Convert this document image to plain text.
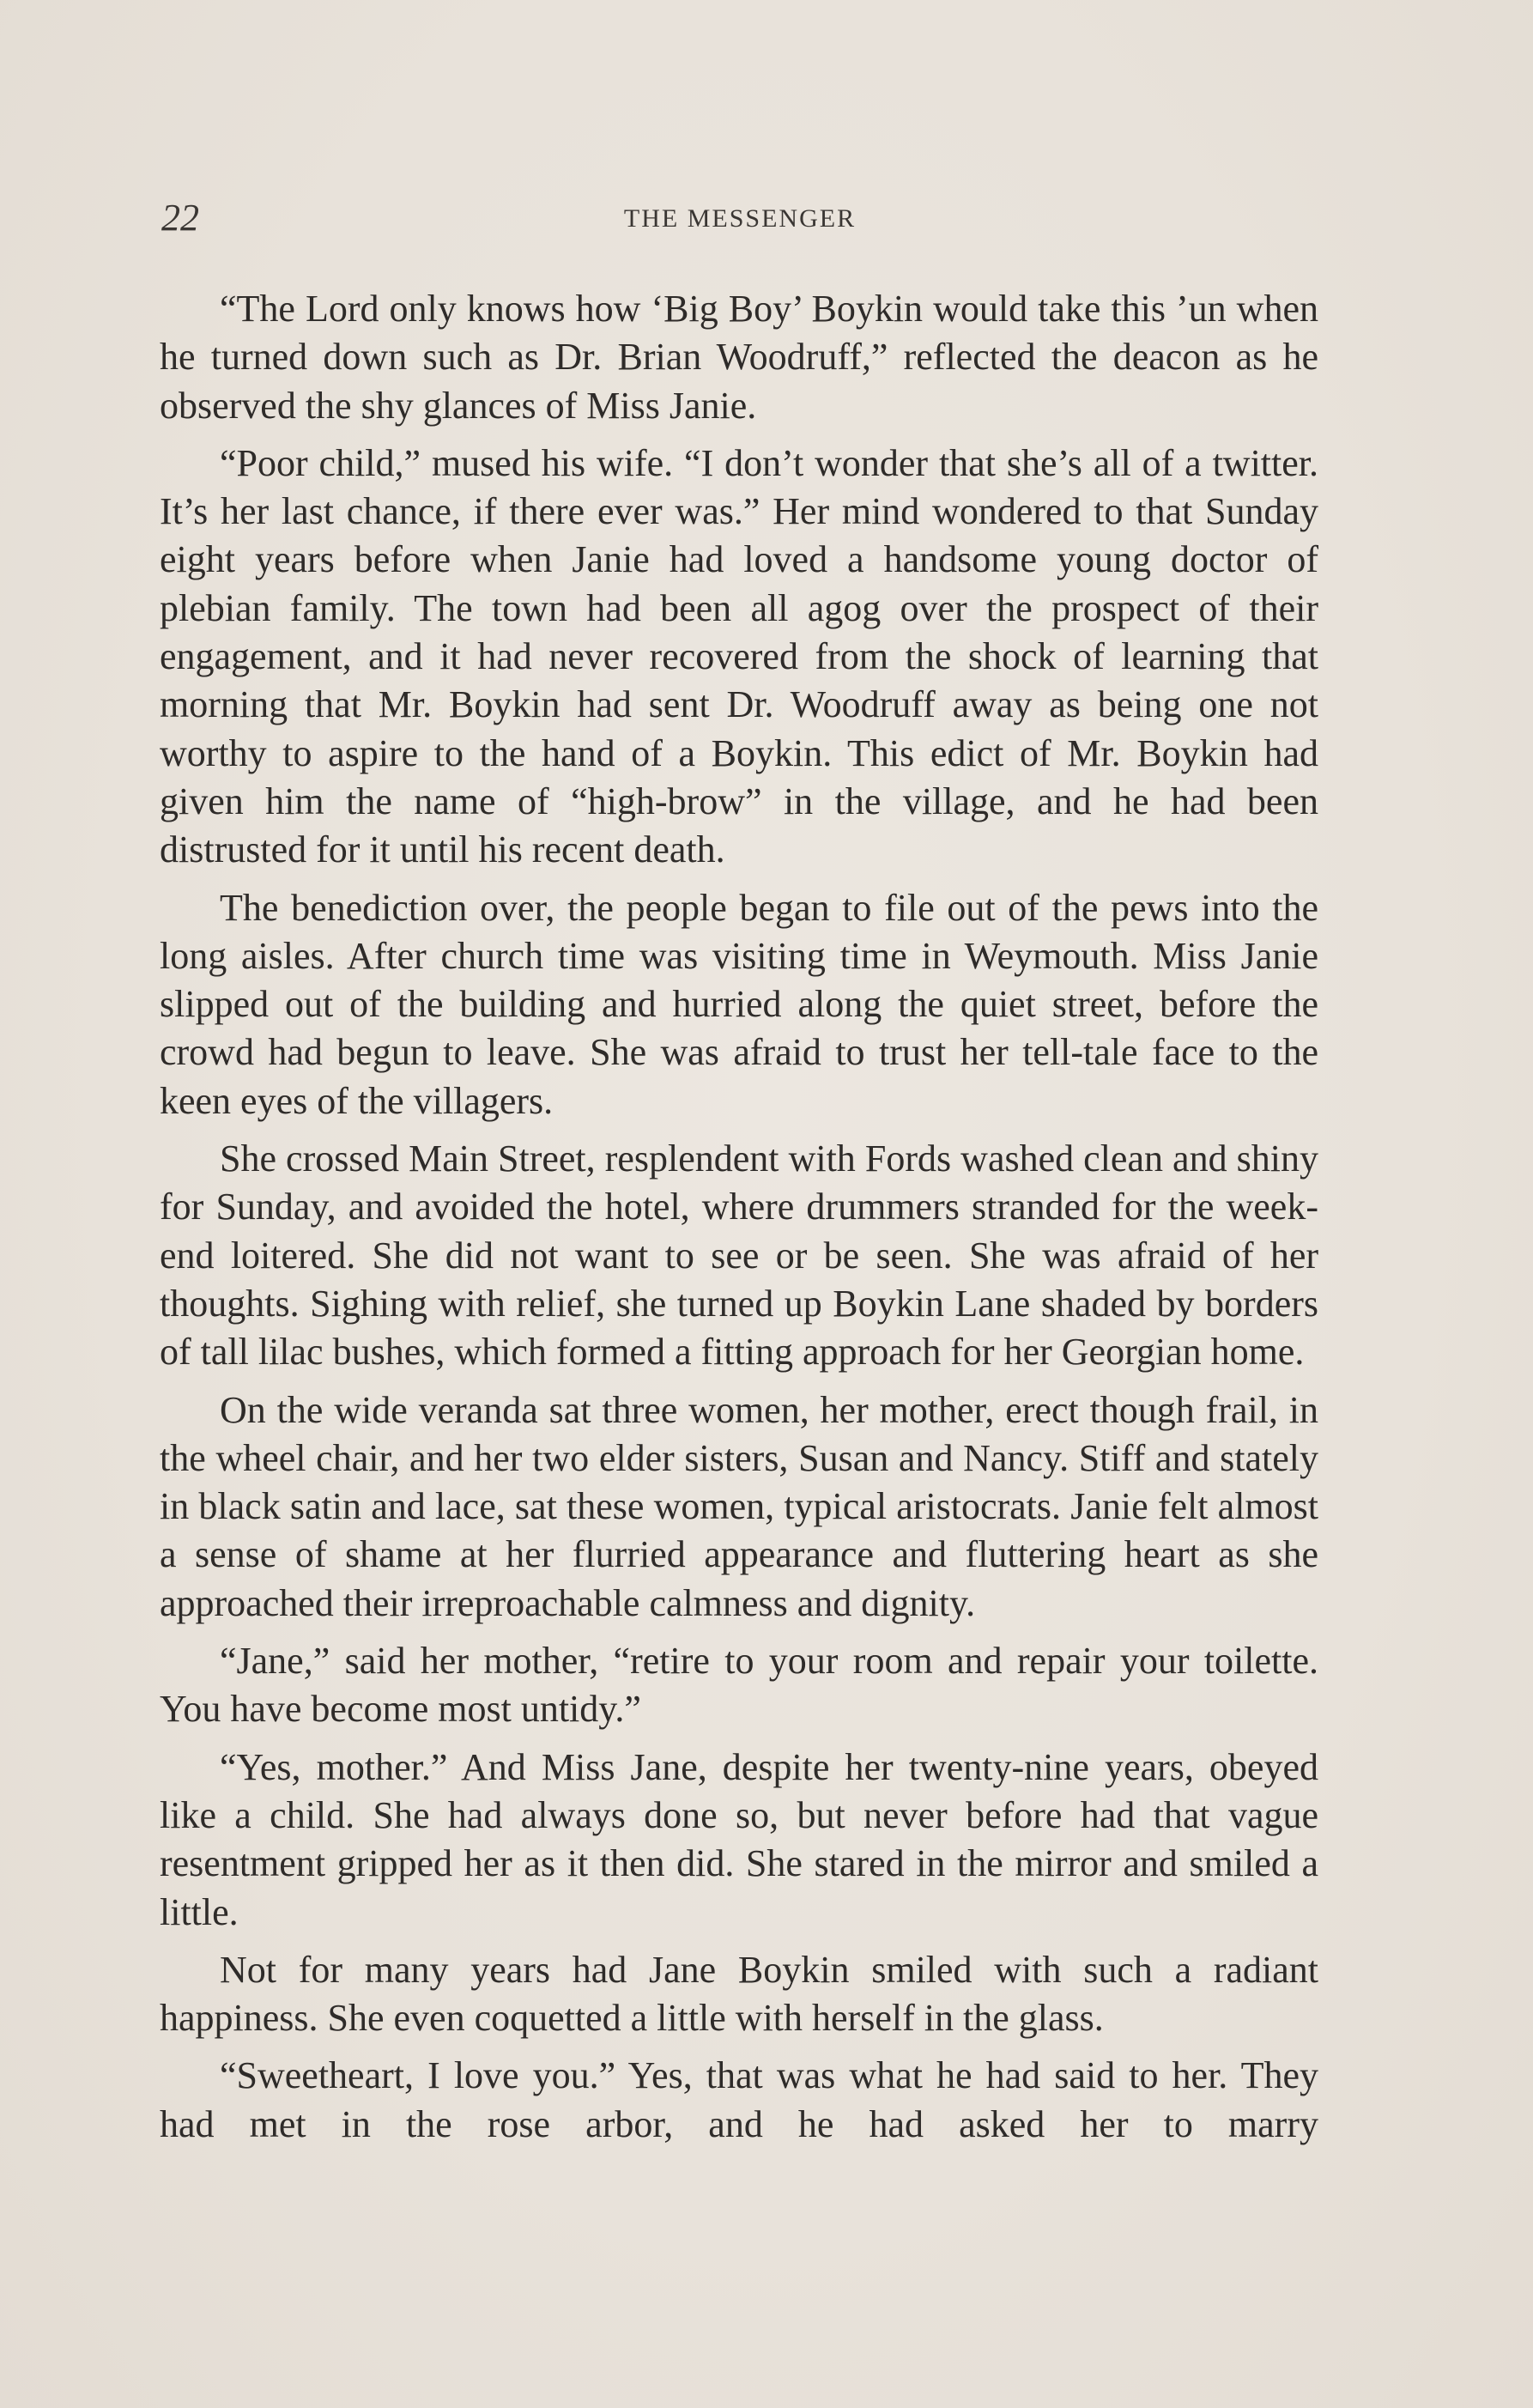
22	THE MESSENGER

“The Lord only knows how ‘Big Boy’ Boykin would take this ’un when he turned down such as Dr. Brian Woodruff,” reflected the deacon as he observed the shy glances of Miss Janie.

“Poor child,” mused his wife. “I don’t wonder that she’s all of a twitter. It’s her last chance, if there ever was.” Her mind wondered to that Sunday eight years before when Janie had loved a handsome young doctor of plebian family. The town had been all agog over the prospect of their engagement, and it had never recovered from the shock of learning that morning that Mr. Boykin had sent Dr. Woodruff away as being one not worthy to aspire to the hand of a Boykin. This edict of Mr. Boykin had given him the name of “high-brow” in the village, and he had been distrusted for it until his recent death.

The benediction over, the people began to file out of the pews into the long aisles. After church time was visiting time in Weymouth. Miss Janie slipped out of the building and hurried along the quiet street, before the crowd had begun to leave. She was afraid to trust her tell-tale face to the keen eyes of the villagers.

She crossed Main Street, resplendent with Fords washed clean and shiny for Sunday, and avoided the hotel, where drummers stranded for the week-end loitered. She did not want to see or be seen. She was afraid of her thoughts. Sighing with relief, she turned up Boykin Lane shaded by borders of tall lilac bushes, which formed a fitting approach for her Georgian home.

On the wide veranda sat three women, her mother, erect though frail, in the wheel chair, and her two elder sisters, Susan and Nancy. Stiff and stately in black satin and lace, sat these women, typical aristocrats. Janie felt almost a sense of shame at her flurried appearance and fluttering heart as she approached their irreproachable calmness and dignity.

“Jane,” said her mother, “retire to your room and repair your toilette. You have become most untidy.”

“Yes, mother.” And Miss Jane, despite her twenty-nine years, obeyed like a child. She had always done so, but never before had that vague resentment gripped her as it then did. She stared in the mirror and smiled a little.

Not for many years had Jane Boykin smiled with such a radiant happiness. She even coquetted a little with herself in the glass.

“Sweetheart, I love you.” Yes, that was what he had said to her. They had met in the rose arbor, and he had asked her to marry
